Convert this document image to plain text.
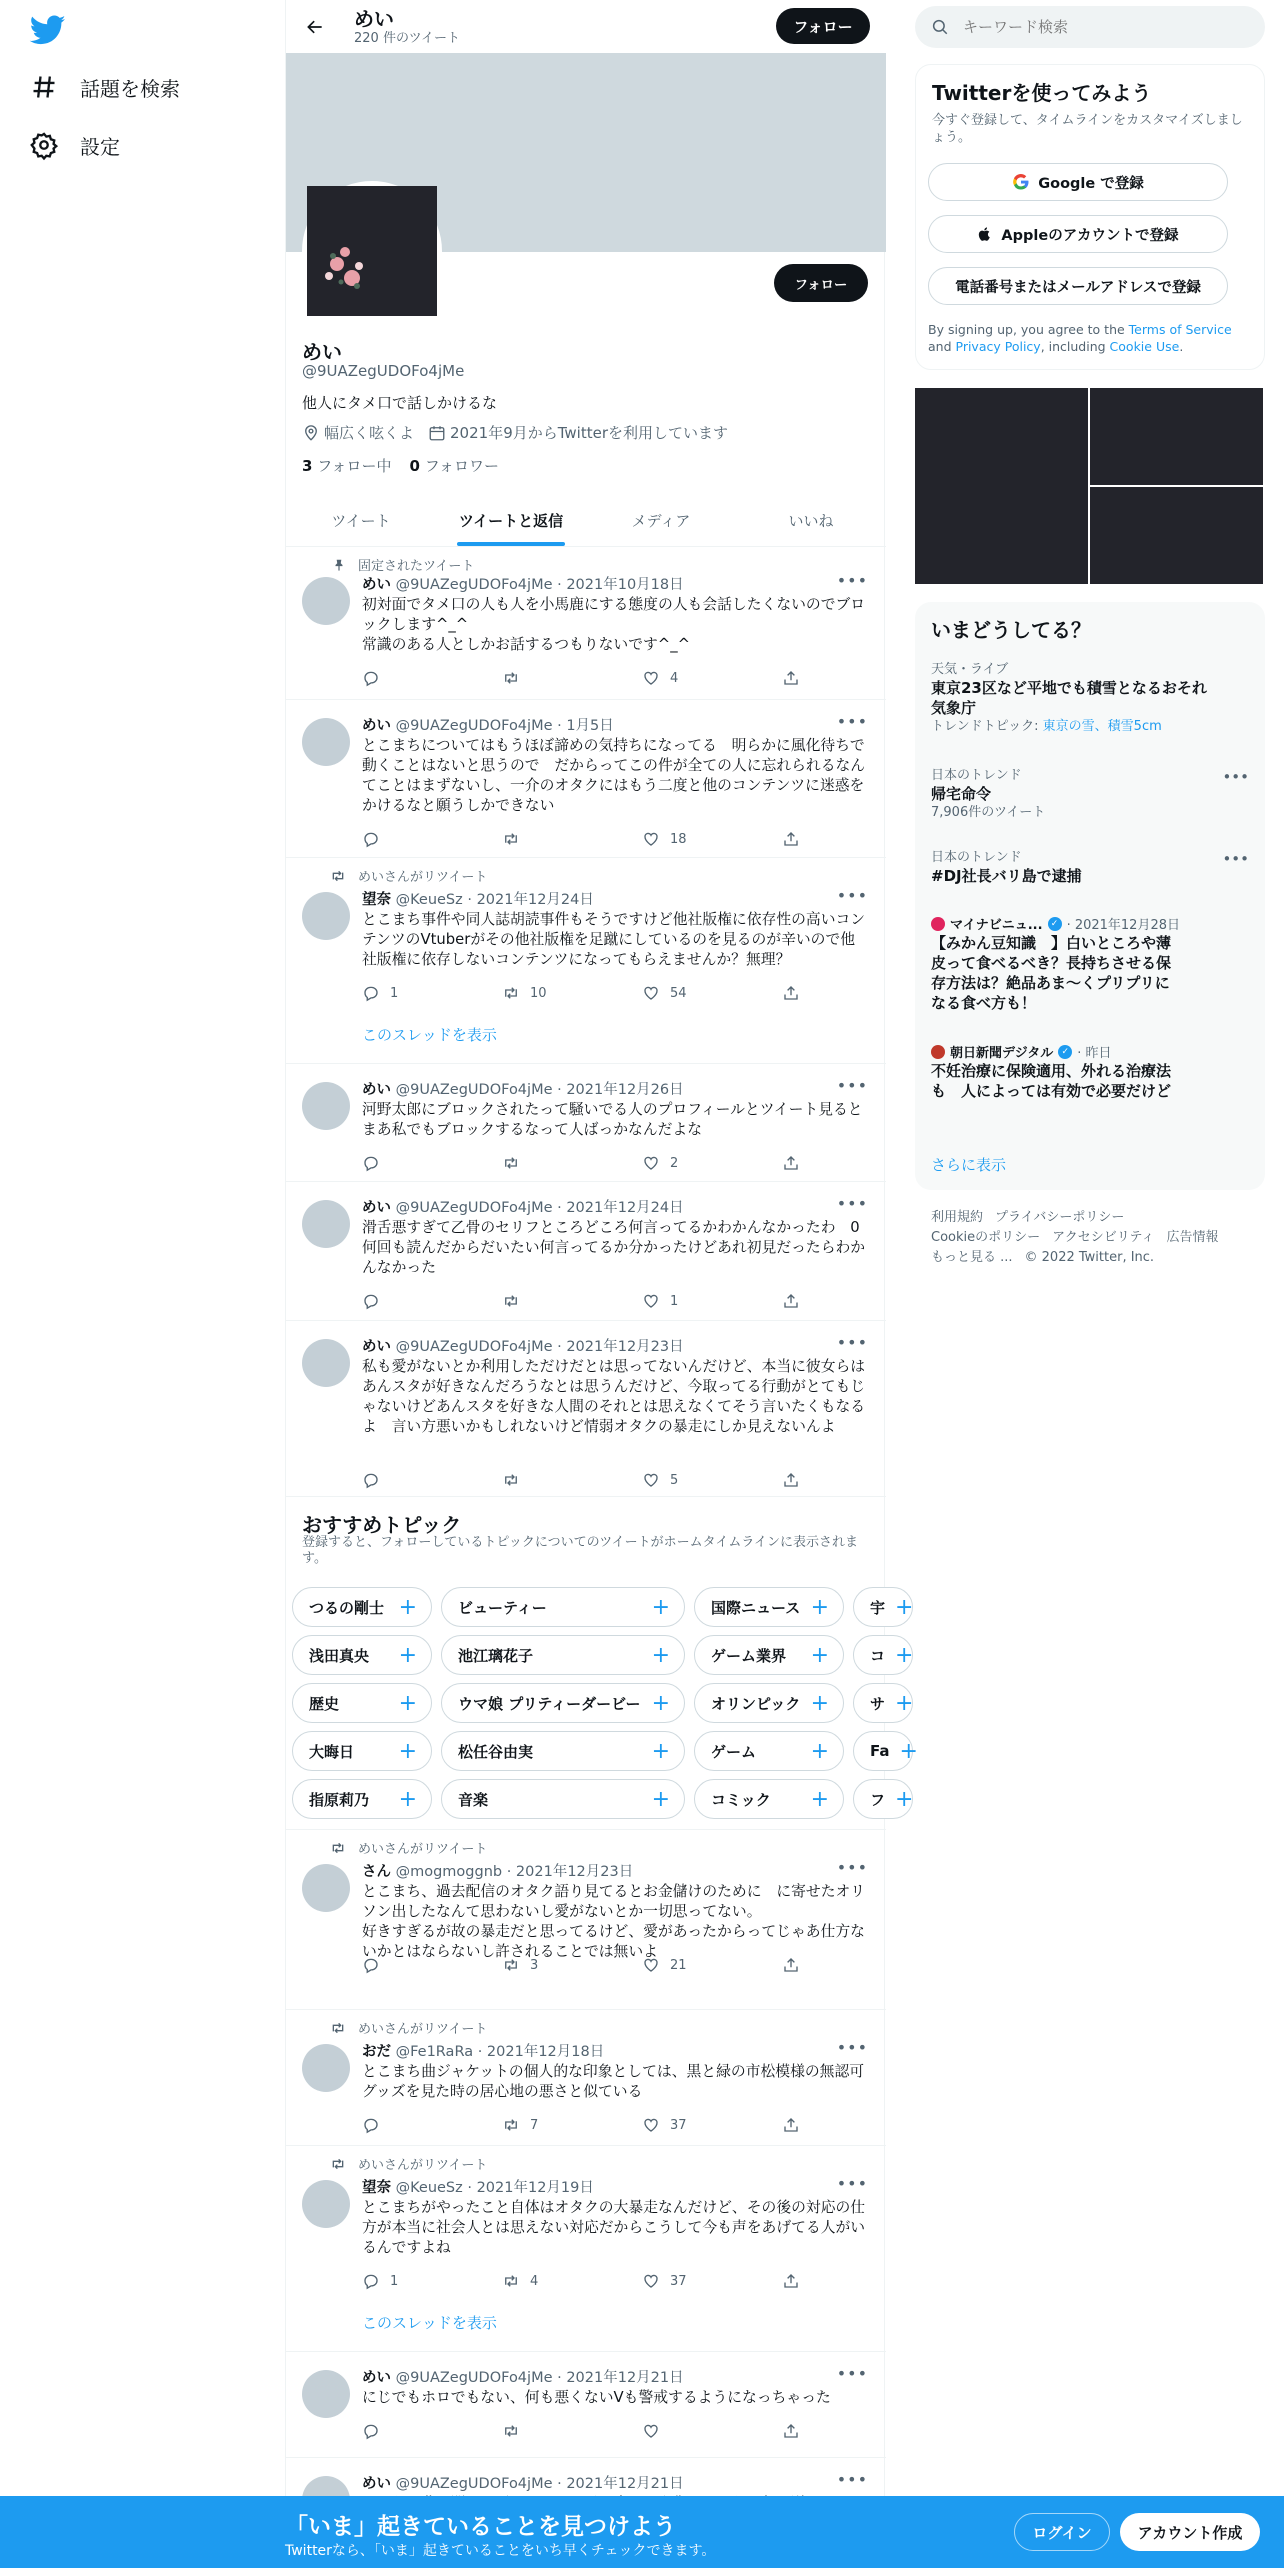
話題を検索
設定
めい
220 件のツイート
フォロー
フォロー
めい
@9UAZegUDOFo4jMe
他人にタメ口で話しかけるな
幅広く呟くよ 2021年9月からTwitterを利用しています
3 フォロー中 0 フォロワー
ツイート	ツイートと返信	メディア	いいね
おすすめトピック
登録すると、フォローしているトピックについてのツイートがホームタイムラインに表示されます。
つるの剛士 +	ビューティー	+	国際ニュース +	宇 +
浅田真央 +	池江璃花子	+	ゲーム業界 +	コ +
歴史	+	ウマ娘 プリティーダービー +	オリンピック +	サ +
大晦日 +	松任谷由実	+	ゲーム +	Fa +
指原莉乃 +	音楽	+	コミック +	フ +
固定されたツイート
めい @9UAZegUDOFo4jMe · 2021年10月18日	•••
初対面でタメ口の人も人を小馬鹿にする態度の人も会話したくないのでブロックします^_^
常識のある人としかお話するつもりないです^_^
4
めい @9UAZegUDOFo4jMe · 1月5日	•••
とこまちについてはもうほぼ諦めの気持ちになってる　明らかに風化待ちで動くことはないと思うので　だからってこの件が全ての人に忘れられるなんてことはまずないし、一介のオタクにはもう二度と他のコンテンツに迷惑をかけるなと願うしかできない
18
めいさんがリツイート
望奈 @KeueSz · 2021年12月24日	•••
とこまち事件や同人誌胡読事件もそうですけど他社版権に依存性の高いコンテンツのVtuberがその他社版権を足蹴にしているのを見るのが辛いので他社版権に依存しないコンテンツになってもらえませんか？無理？
1	10	54
このスレッドを表示
めい @9UAZegUDOFo4jMe · 2021年12月26日	•••
河野太郎にブロックされたって騒いでる人のプロフィールとツイート見るとまあ私でもブロックするなって人ばっかなんだよな
2
めい @9UAZegUDOFo4jMe · 2021年12月24日	•••
滑舌悪すぎて乙骨のセリフところどころ何言ってるかわかんなかったわ　0何回も読んだからだいたい何言ってるか分かったけどあれ初見だったらわかんなかった
1
めい @9UAZegUDOFo4jMe · 2021年12月23日	•••
私も愛がないとか利用しただけだとは思ってないんだけど、本当に彼女らはあんスタが好きなんだろうなとは思うんだけど、今取ってる行動がとてもじゃないけどあんスタを好きな人間のそれとは思えなくてそう言いたくもなるよ　言い方悪いかもしれないけど情弱オタクの暴走にしか見えないんよ
5
めいさんがリツイート
さん @mogmoggnb · 2021年12月23日	•••
とこまち、過去配信のオタク語り見てるとお金儲けのために　に寄せたオリソン出したなんて思わないし愛がないとか一切思ってない。
好きすぎるが故の暴走だと思ってるけど、愛があったからってじゃあ仕方ないかとはならないし許されることでは無いよ
3	21
めいさんがリツイート
おだ @Fe1RaRa · 2021年12月18日	•••
とこまち曲ジャケットの個人的な印象としては、黒と緑の市松模様の無認可グッズを見た時の居心地の悪さと似ている
7	37
めいさんがリツイート
望奈 @KeueSz · 2021年12月19日	•••
とこまちがやったこと自体はオタクの大暴走なんだけど、その後の対応の仕方が本当に社会人とは思えない対応だからこうして今も声をあげてる人がいるんですよね
1	4	37
このスレッドを表示
めい @9UAZegUDOFo4jMe · 2021年12月21日	•••
にじでもホロでもない、何も悪くないVも警戒するようになっちゃった
めい @9UAZegUDOFo4jMe · 2021年12月21日	•••
キーワード検索
Twitterを使ってみよう
今すぐ登録して、タイムラインをカスタマイズしましょう。
Google で登録
Appleのアカウントで登録
電話番号またはメールアドレスで登録
By signing up, you agree to the Terms of Service and Privacy Policy, including Cookie Use.
いまどうしてる？
天気・ライブ
東京23区など平地でも積雪となるおそれ 気象庁
トレンドトピック: 東京の雪、積雪5cm
日本のトレンド
帰宅命令
7,906件のツイート
•••
日本のトレンド
#DJ社長バリ島で逮捕
•••
マイナビニュ... ✓ · 2021年12月28日
【みかん豆知識　】白いところや薄皮って食べるべき？長持ちさせる保存方法は？絶品あま～くプリプリになる食べ方も！
朝日新聞デジタル ✓ · 昨日
不妊治療に保険適用、外れる治療法も　人によっては有効で必要だけど
さらに表示
利用規約 プライバシーポリシー
Cookieのポリシー アクセシビリティ 広告情報
もっと見る ... © 2022 Twitter, Inc.
「いま」起きていることを見つけよう
Twitterなら、「いま」起きていることをいち早くチェックできます。
ログイン	アカウント作成
